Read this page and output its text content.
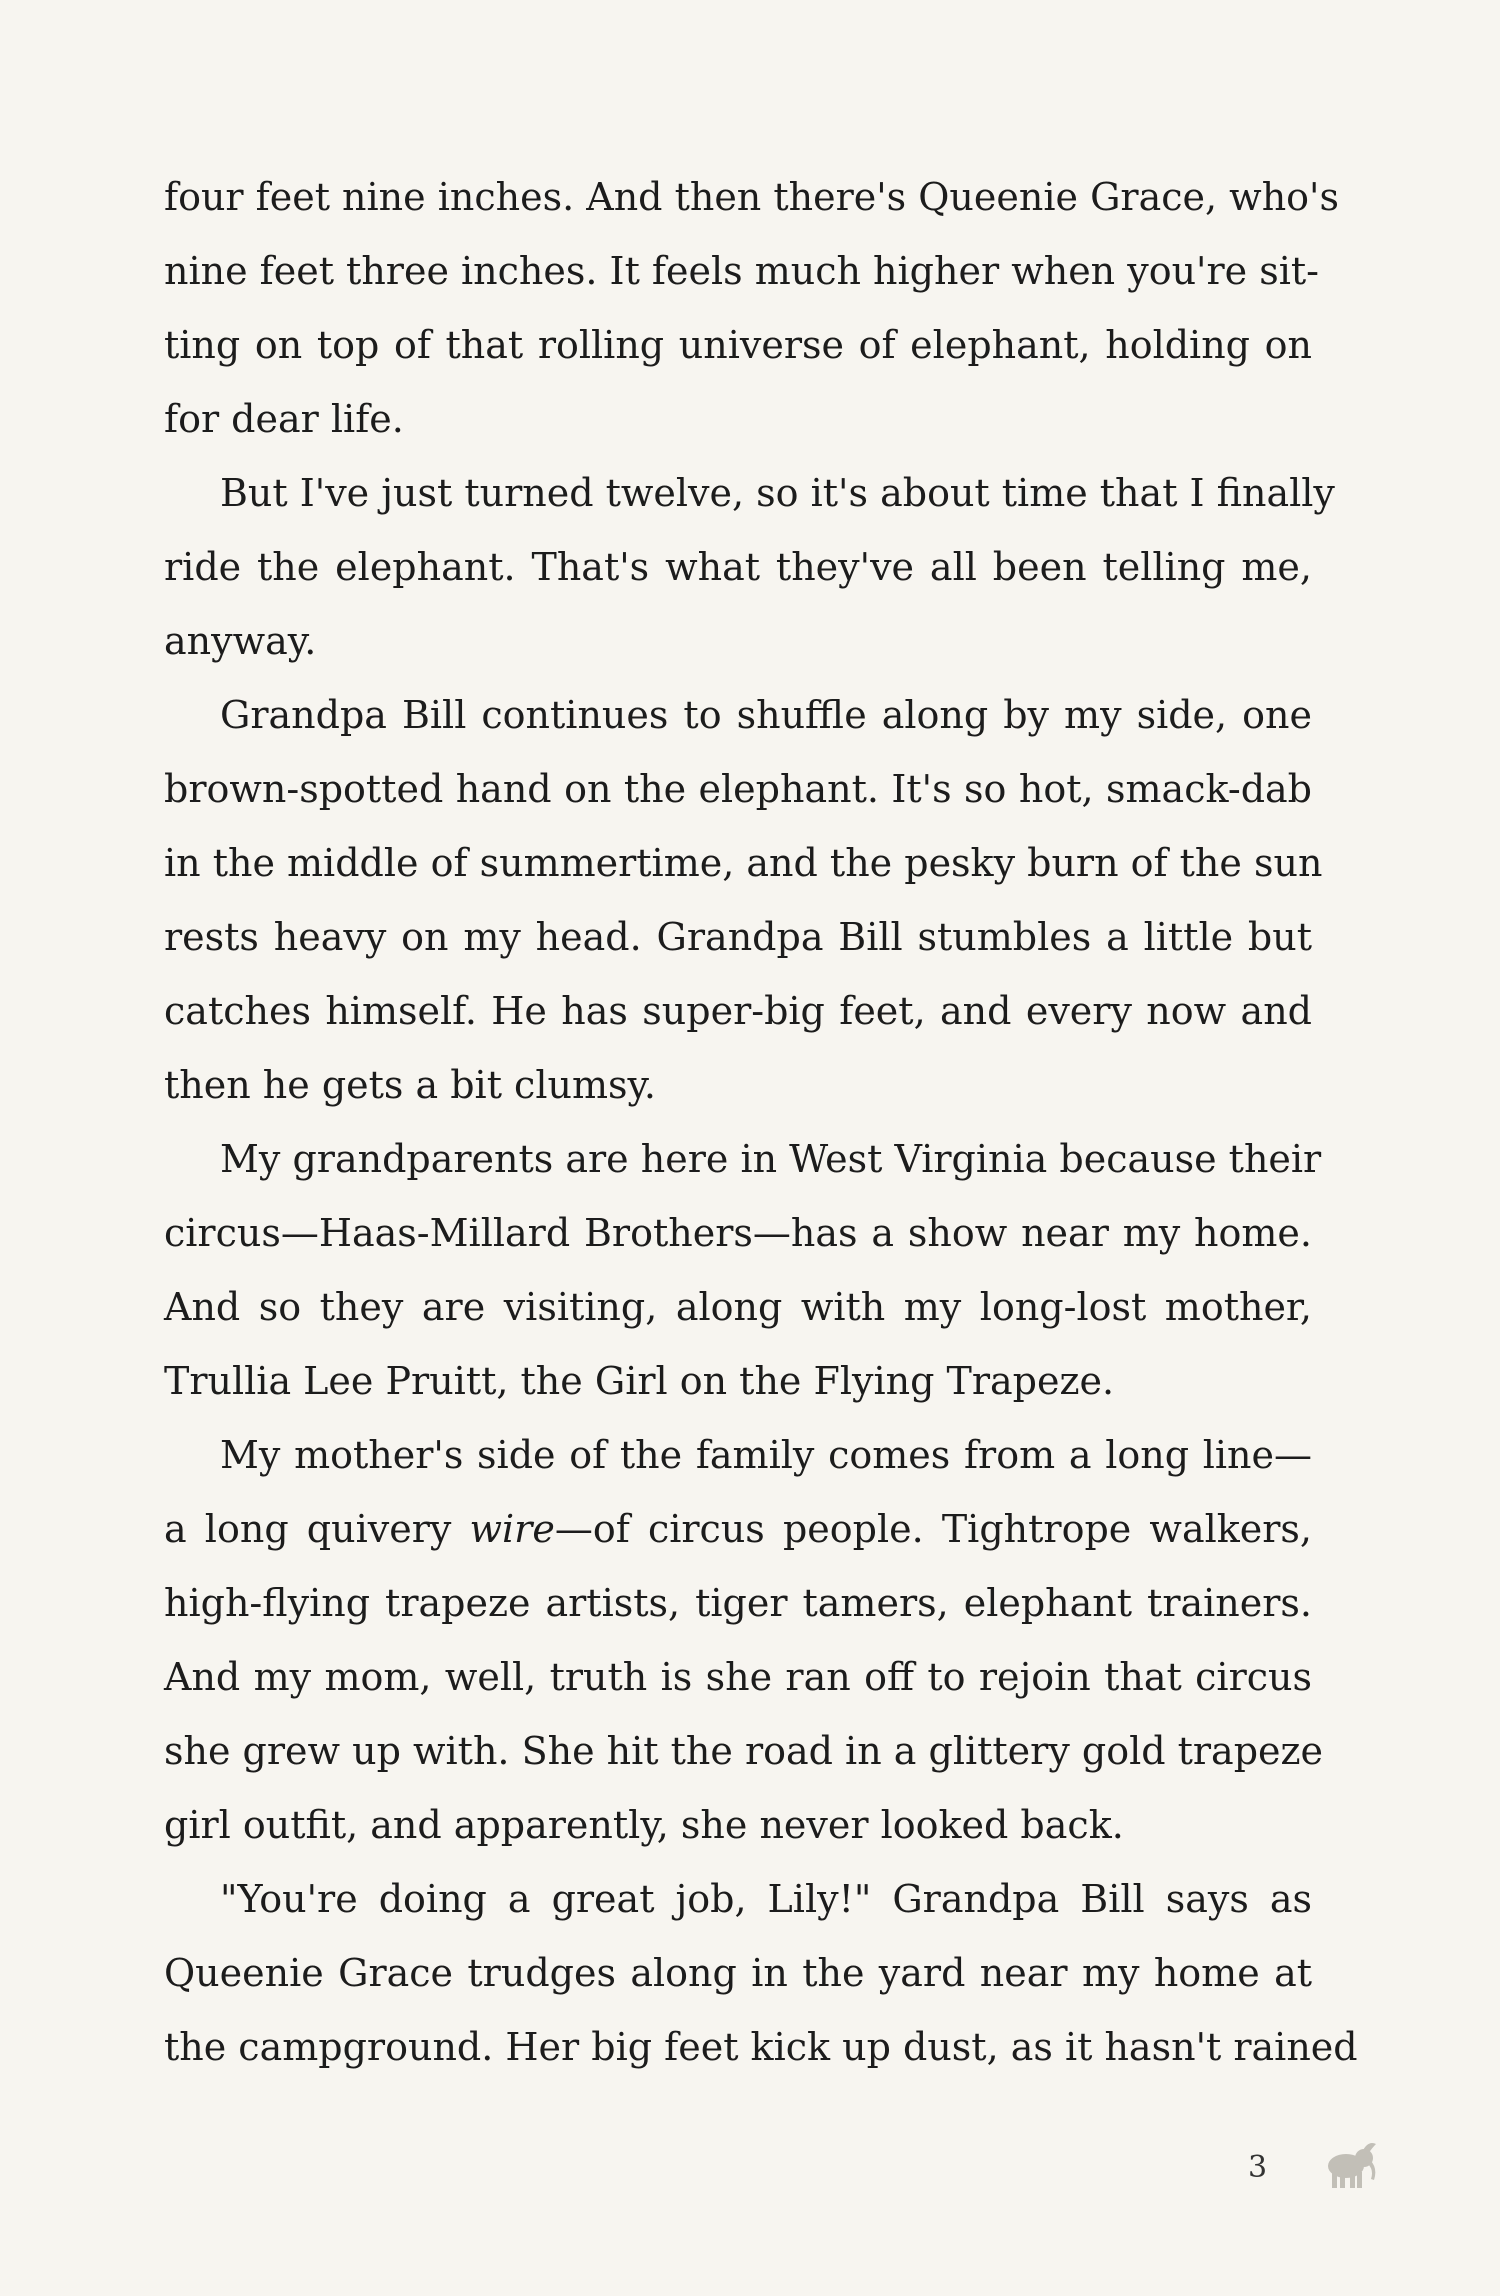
four feet nine inches. And then there's Queenie Grace, who's
nine feet three inches. It feels much higher when you're sit-
ting on top of that rolling universe of elephant, holding on
for dear life.
But I've just turned twelve, so it's about time that I finally
ride the elephant. That's what they've all been telling me,
anyway.
Grandpa Bill continues to shuffle along by my side, one
brown-spotted hand on the elephant. It's so hot, smack-dab
in the middle of summertime, and the pesky burn of the sun
rests heavy on my head. Grandpa Bill stumbles a little but
catches himself. He has super-big feet, and every now and
then he gets a bit clumsy.
My grandparents are here in West Virginia because their
circus—Haas-Millard Brothers—has a show near my home.
And so they are visiting, along with my long-lost mother,
Trullia Lee Pruitt, the Girl on the Flying Trapeze.
My mother's side of the family comes from a long line—
a long quivery wire—of circus people. Tightrope walkers,
high-flying trapeze artists, tiger tamers, elephant trainers.
And my mom, well, truth is she ran off to rejoin that circus
she grew up with. She hit the road in a glittery gold trapeze
girl outfit, and apparently, she never looked back.
"You're doing a great job, Lily!" Grandpa Bill says as
Queenie Grace trudges along in the yard near my home at
the campground. Her big feet kick up dust, as it hasn't rained
3
